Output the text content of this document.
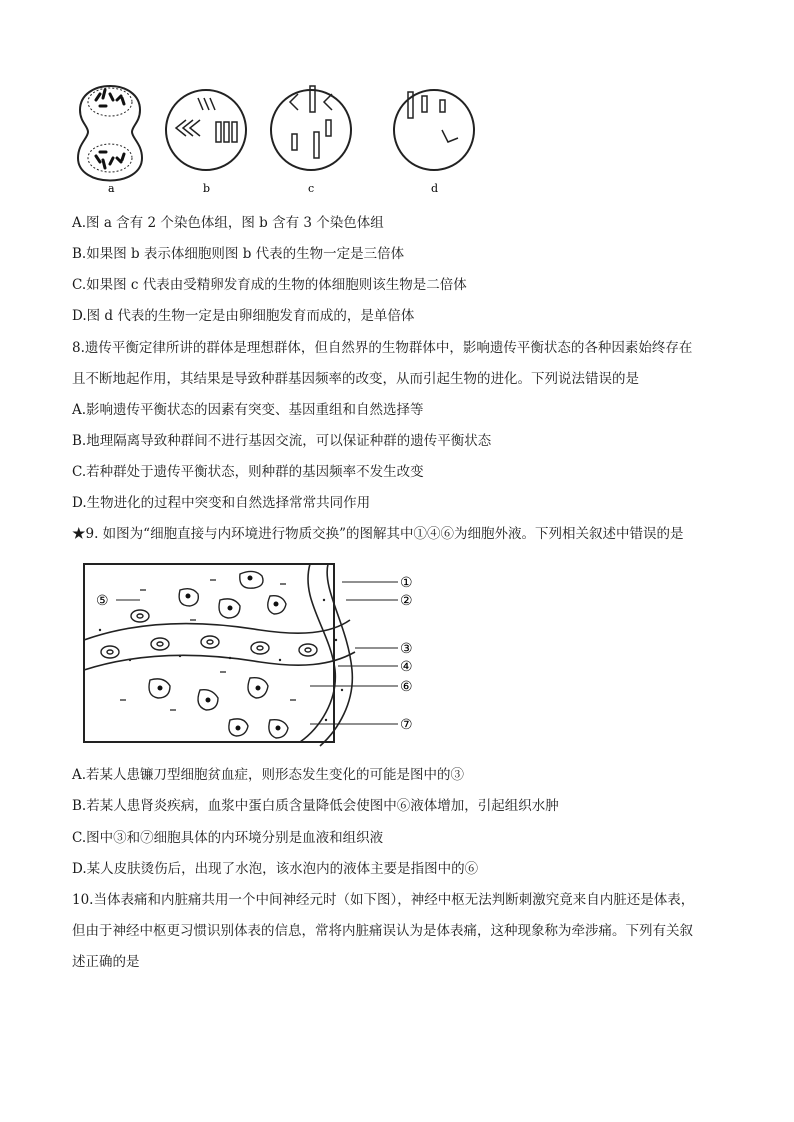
a	b	c	d
A.图 a 含有 2 个染色体组，图 b 含有 3 个染色体组
B.如果图 b 表示体细胞则图 b 代表的生物一定是三倍体
C.如果图 c 代表由受精卵发育成的生物的体细胞则该生物是二倍体
D.图 d 代表的生物一定是由卵细胞发育而成的，是单倍体
8.遗传平衡定律所讲的群体是理想群体，但自然界的生物群体中，影响遗传平衡状态的各种因素始终存在
且不断地起作用，其结果是导致种群基因频率的改变，从而引起生物的进化。下列说法错误的是
A.影响遗传平衡状态的因素有突变、基因重组和自然选择等
B.地理隔离导致种群间不进行基因交流，可以保证种群的遗传平衡状态
C.若种群处于遗传平衡状态，则种群的基因频率不发生改变
D.生物进化的过程中突变和自然选择常常共同作用
★9. 如图为“细胞直接与内环境进行物质交换”的图解其中①④⑥为细胞外液。下列相关叙述中错误的是
①
②
③
④
⑤
⑥
⑦
A.若某人患镰刀型细胞贫血症，则形态发生变化的可能是图中的③
B.若某人患肾炎疾病，血浆中蛋白质含量降低会使图中⑥液体增加，引起组织水肿
C.图中③和⑦细胞具体的内环境分别是血液和组织液
D.某人皮肤烫伤后，出现了水泡，该水泡内的液体主要是指图中的⑥
10.当体表痛和内脏痛共用一个中间神经元时（如下图），神经中枢无法判断刺激究竟来自内脏还是体表，
但由于神经中枢更习惯识别体表的信息，常将内脏痛误认为是体表痛，这种现象称为牵涉痛。下列有关叙
述正确的是
